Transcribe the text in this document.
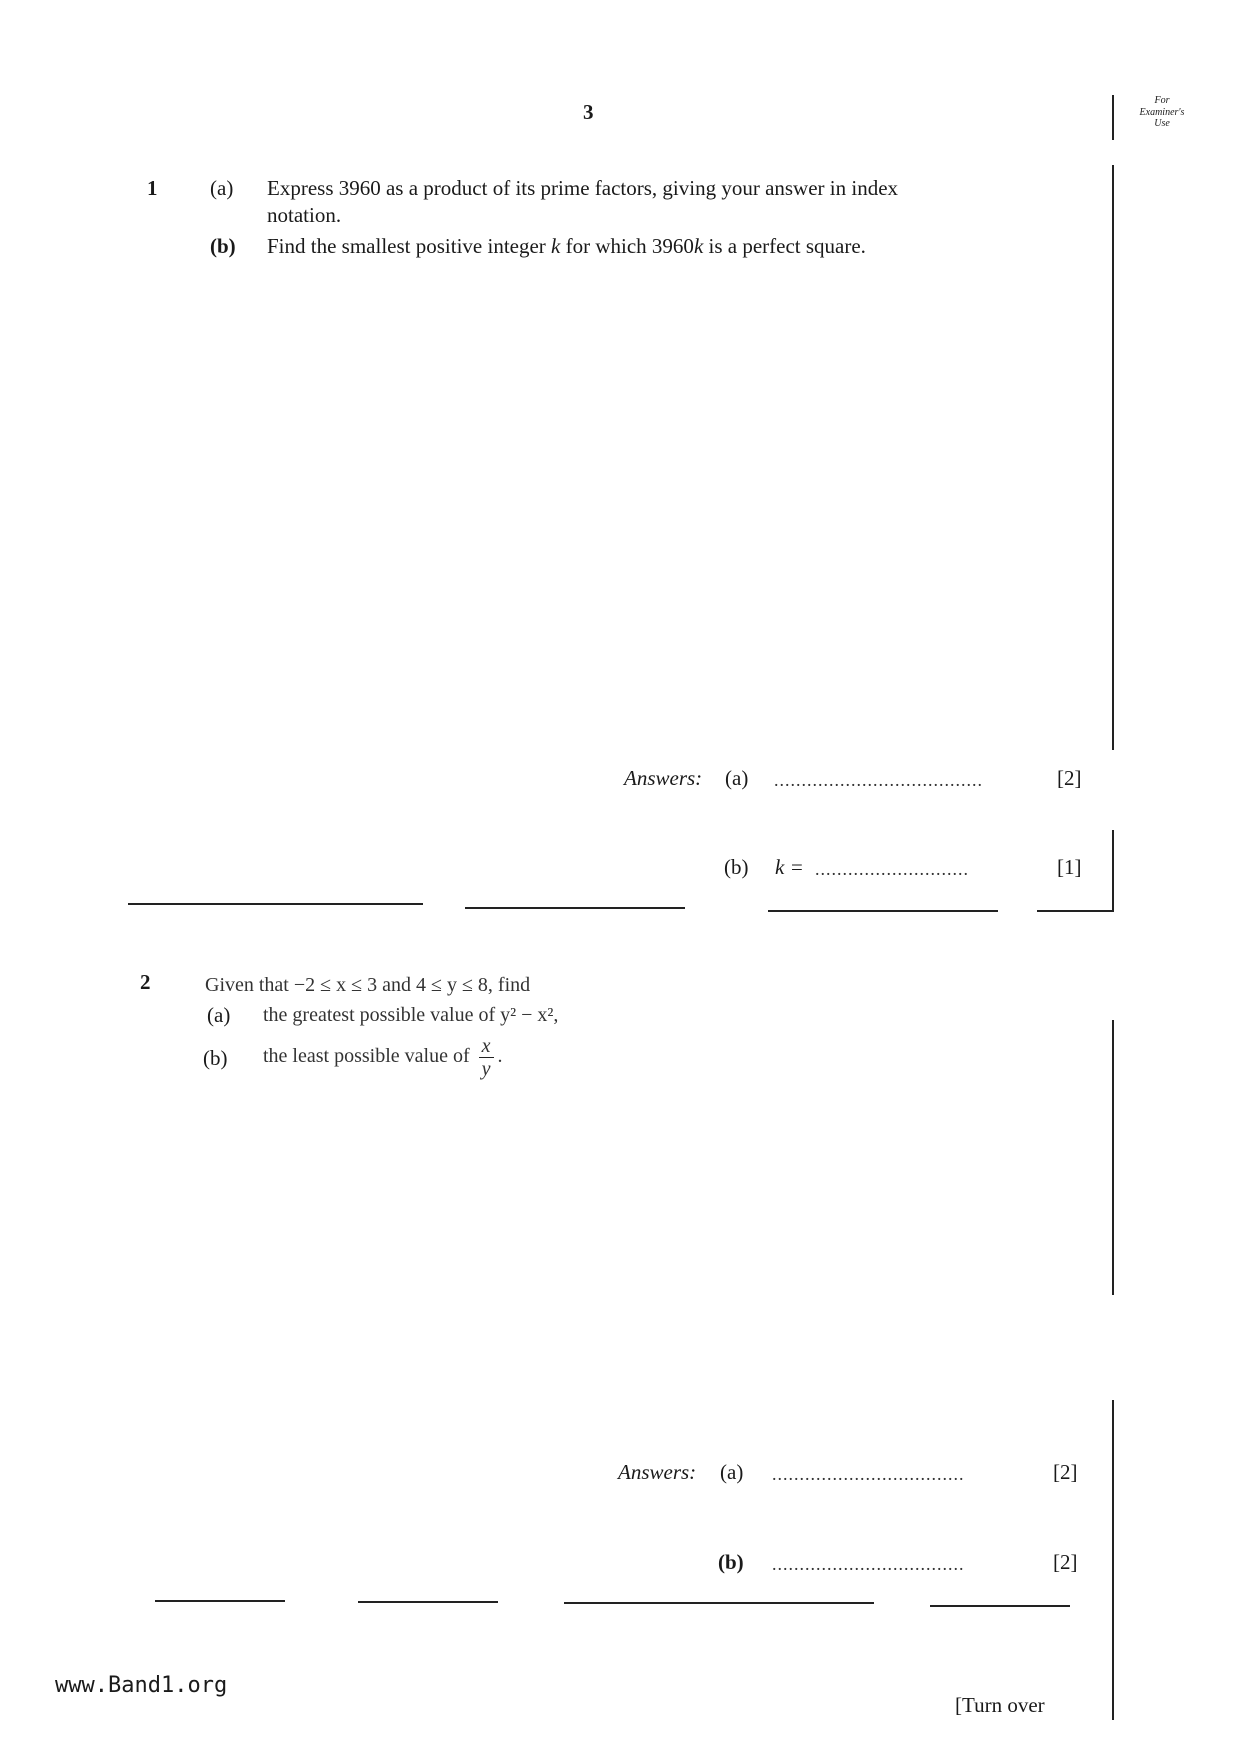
3	For
Examiner's
Use
1	(a) Express 3960 as a product of its prime factors, giving your answer in index
notation.
(b) Find the smallest positive integer k for which 3960k is a perfect square.
Answers: (a) ......................................	[2]
(b) k = ............................	[1]
2	Given that −2 ≤ x ≤ 3 and 4 ≤ y ≤ 8, find
(a) the greatest possible value of y² − x²,
(b) the least possible value of $\frac{x}{y}$ .
Answers: (a) ...................................	[2]
(b) ...................................	[2]
www.Band1.org
[Turn over
